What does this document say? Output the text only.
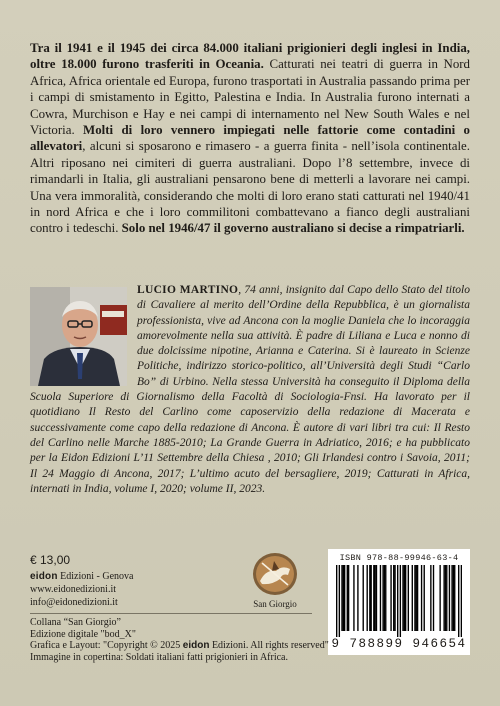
Tra il 1941 e il 1945 dei circa 84.000 italiani prigionieri degli inglesi in India, oltre 18.000 furono trasferiti in Oceania. Catturati nei teatri di guerra in Nord Africa, Africa orientale ed Europa, furono trasportati in Australia passando prima per i campi di smistamento in Egitto, Palestina e India. In Australia furono internati a Cowra, Murchison e Hay e nei campi di internamento nel New South Wales e nel Victoria. Molti di loro vennero impiegati nelle fattorie come contadini o allevatori, alcuni si sposarono e rimasero - a guerra finita - nell’isola continentale. Altri riposano nei cimiteri di guerra australiani. Dopo l’8 settembre, invece di rimandarli in Italia, gli australiani pensarono bene di metterli a lavorare nei campi. Una vera immoralità, considerando che molti di loro erano stati catturati nel 1940/41 in nord Africa e che i loro commilitoni combattevano a fianco degli australiani contro i tedeschi. Solo nel 1946/47 il governo australiano si decise a rimpatriarli.

LUCIO MARTINO, 74 anni, insignito dal Capo dello Stato del titolo di Cavaliere al merito dell’Ordine della Repubblica, è un giornalista professionista, vive ad Ancona con la moglie Daniela che lo incoraggia amorevolmente nella sua attività. È padre di Liliana e Luca e nonno di due dolcissime nipotine, Arianna e Caterina. Si è laureato in Scienze Politiche, indirizzo storico-politico, all’Università degli Studi “Carlo Bo” di Urbino. Nella stessa Università ha conseguito il Diploma della Scuola Superiore di Giornalismo della Facoltà di Sociologia-Fnsi. Ha lavorato per il quotidiano Il Resto del Carlino come caposervizio della redazione di Macerata e successivamente come capo della redazione di Ancona. È autore di vari libri tra cui: Il Resto del Carlino nelle Marche 1885-2010; La Grande Guerra in Adriatico, 2016; e ha pubblicato per la Eidon Edizioni L’11 Settembre della Chiesa , 2010; Gli Irlandesi contro i Savoia, 2011; Il 24 Maggio di Ancona, 2017; L’ultimo acuto del bersagliere, 2019; Catturati in Africa, internati in India, volume I, 2020; volume II, 2023.

€ 13,00
eidon Edizioni - Genova
www.eidonedizioni.it
info@eidonedizioni.it	San Giorgio
ISBN 978-88-99946-63-4
9 788899 946654
Collana “San Giorgio”
Edizione digitale "bod_X"
Grafica e Layout: "Copyright © 2025 eidon Edizioni. All rights reserved"
Immagine in copertina: Soldati italiani fatti prigionieri in Africa.
